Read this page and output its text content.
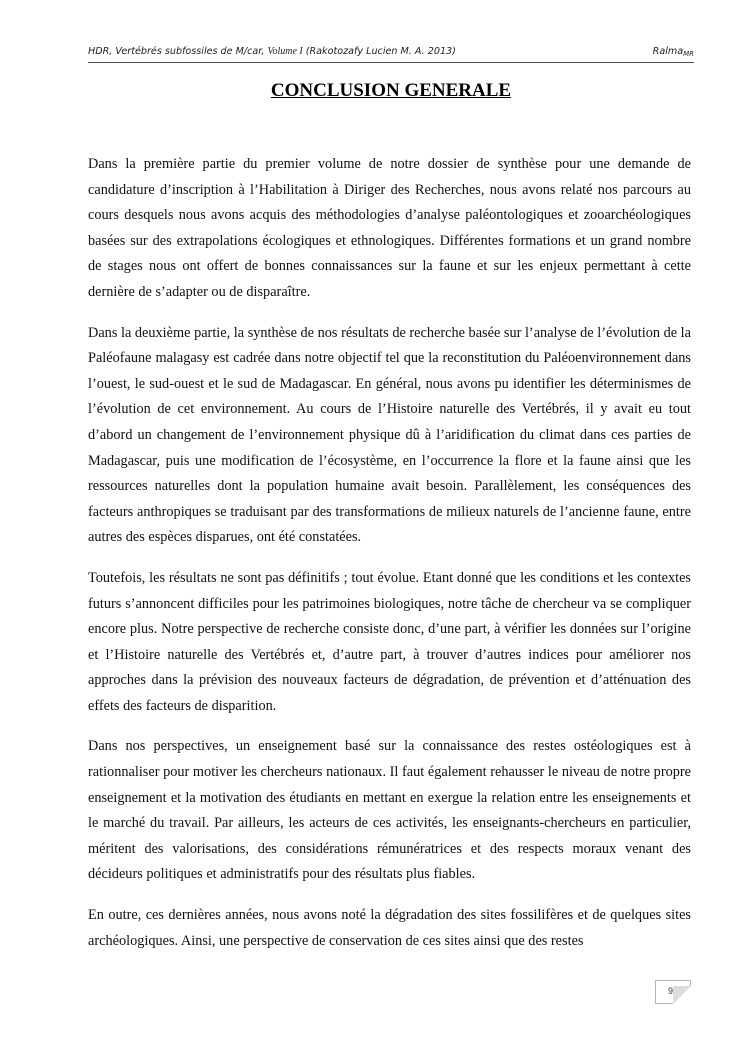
HDR, Vertébrés subfossiles de M/car, Volume I (Rakotozafy Lucien M. A. 2013)	Ralma$_{MR}$
CONCLUSION GENERALE

Dans la première partie du premier volume de notre dossier de synthèse pour une demande de candidature d’inscription à l’Habilitation à Diriger des Recherches, nous avons relaté nos parcours au cours desquels nous avons acquis des méthodologies d’analyse paléontologiques et zooarchéologiques basées sur des extrapolations écologiques et ethnologiques. Différentes formations et un grand nombre de stages nous ont offert de bonnes connaissances sur la faune et sur les enjeux permettant à cette dernière de s’adapter ou de disparaître.

Dans la deuxième partie, la synthèse de nos résultats de recherche basée sur l’analyse de l’évolution de la Paléofaune malagasy est cadrée dans notre objectif tel que la reconstitution du Paléoenvironnement dans l’ouest, le sud-ouest et le sud de Madagascar. En général, nous avons pu identifier les déterminismes de l’évolution de cet environnement. Au cours de l’Histoire naturelle des Vertébrés, il y avait eu tout d’abord un changement de l’environnement physique dû à l’aridification du climat dans ces parties de Madagascar, puis une modification de l’écosystème, en l’occurrence la flore et la faune ainsi que les ressources naturelles dont la population humaine avait besoin. Parallèlement, les conséquences des facteurs anthropiques se traduisant par des transformations de milieux naturels de l’ancienne faune, entre autres des espèces disparues, ont été constatées.

Toutefois, les résultats ne sont pas définitifs ; tout évolue. Etant donné que les conditions et les contextes futurs s’annoncent difficiles pour les patrimoines biologiques, notre tâche de chercheur va se compliquer encore plus. Notre perspective de recherche consiste donc, d’une part, à vérifier les données sur l’origine et l’Histoire naturelle des Vertébrés et, d’autre part, à trouver d’autres indices pour améliorer nos approches dans la prévision des nouveaux facteurs de dégradation, de prévention et d’atténuation des effets des facteurs de disparition.

Dans nos perspectives, un enseignement basé sur la connaissance des restes ostéologiques est à rationnaliser pour motiver les chercheurs nationaux. Il faut également rehausser le niveau de notre propre enseignement et la motivation des étudiants en mettant en exergue la relation entre les enseignements et le marché du travail. Par ailleurs, les acteurs de ces activités, les enseignants-chercheurs en particulier, méritent des valorisations, des considérations rémunératrices et des respects moraux venant des décideurs politiques et administratifs pour des résultats plus fiables.

En outre, ces dernières années, nous avons noté la dégradation des sites fossilifères et de quelques sites archéologiques. Ainsi, une perspective de conservation de ces sites ainsi que des restes

98
